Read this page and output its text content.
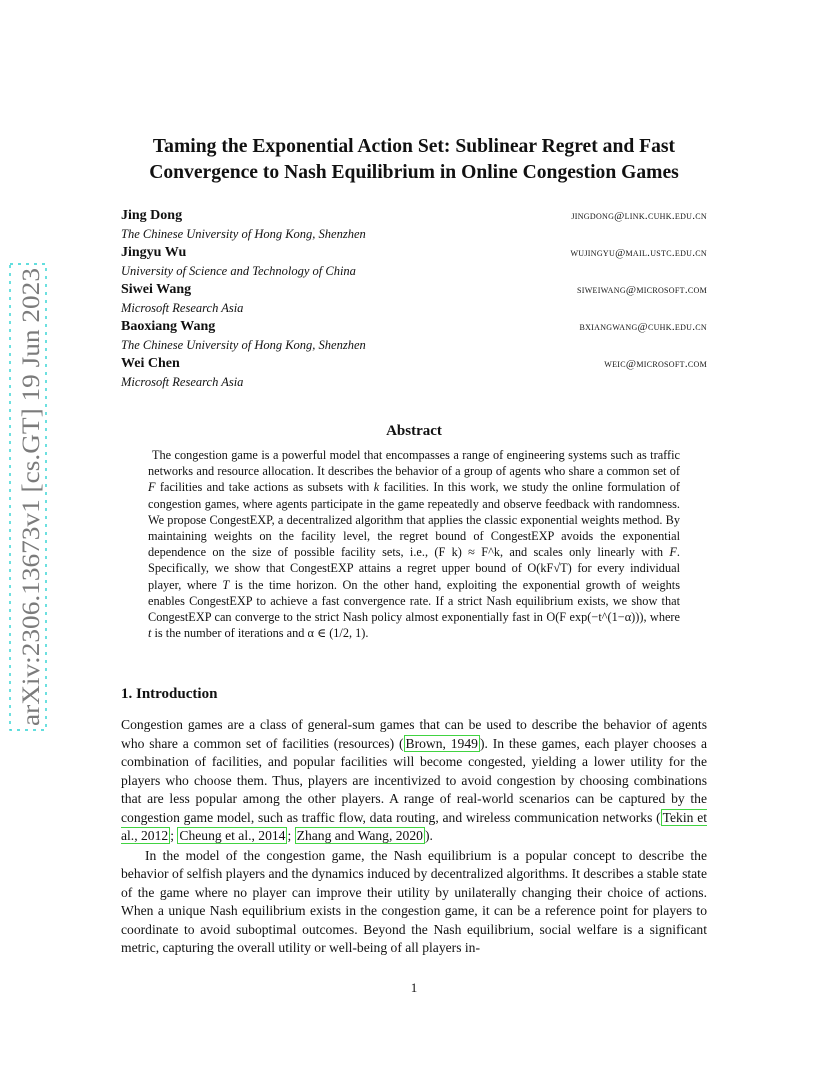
arXiv:2306.13673v1 [cs.GT] 19 Jun 2023
Taming the Exponential Action Set: Sublinear Regret and Fast Convergence to Nash Equilibrium in Online Congestion Games
Jing Dong	jingdong@link.cuhk.edu.cn
The Chinese University of Hong Kong, Shenzhen
Jingyu Wu	wujingyu@mail.ustc.edu.cn
University of Science and Technology of China
Siwei Wang	siweiwang@microsoft.com
Microsoft Research Asia
Baoxiang Wang	bxiangwang@cuhk.edu.cn
The Chinese University of Hong Kong, Shenzhen
Wei Chen	weic@microsoft.com
Microsoft Research Asia
Abstract

The congestion game is a powerful model that encompasses a range of engineering systems such as traffic networks and resource allocation. It describes the behavior of a group of agents who share a common set of F facilities and take actions as subsets with k facilities. In this work, we study the online formulation of congestion games, where agents participate in the game repeatedly and observe feedback with randomness. We propose CongestEXP, a decentralized algorithm that applies the classic exponential weights method. By maintaining weights on the facility level, the regret bound of CongestEXP avoids the exponential dependence on the size of possible facility sets, i.e., (F k) ≈ F^k, and scales only linearly with F. Specifically, we show that CongestEXP attains a regret upper bound of O(kF√T) for every individual player, where T is the time horizon. On the other hand, exploiting the exponential growth of weights enables CongestEXP to achieve a fast convergence rate. If a strict Nash equilibrium exists, we show that CongestEXP can converge to the strict Nash policy almost exponentially fast in O(F exp(−t^(1−α))), where t is the number of iterations and α ∈ (1/2, 1).

1. Introduction

Congestion games are a class of general-sum games that can be used to describe the behavior of agents who share a common set of facilities (resources) ( Brown, 1949 ). In these games, each player chooses a combination of facilities, and popular facilities will become congested, yielding a lower utility for the players who choose them. Thus, players are incentivized to avoid congestion by choosing combinations that are less popular among the other players. A range of real-world scenarios can be captured by the congestion game model, such as traffic flow, data routing, and wireless communication networks ( Tekin et al., 2012 ; Cheung et al., 2014 ; Zhang and Wang, 2020 ).

In the model of the congestion game, the Nash equilibrium is a popular concept to describe the behavior of selfish players and the dynamics induced by decentralized algorithms. It describes a stable state of the game where no player can improve their utility by unilaterally changing their choice of actions. When a unique Nash equilibrium exists in the congestion game, it can be a reference point for players to coordinate to avoid suboptimal outcomes. Beyond the Nash equilibrium, social welfare is a significant metric, capturing the overall utility or well-being of all players in-

1
